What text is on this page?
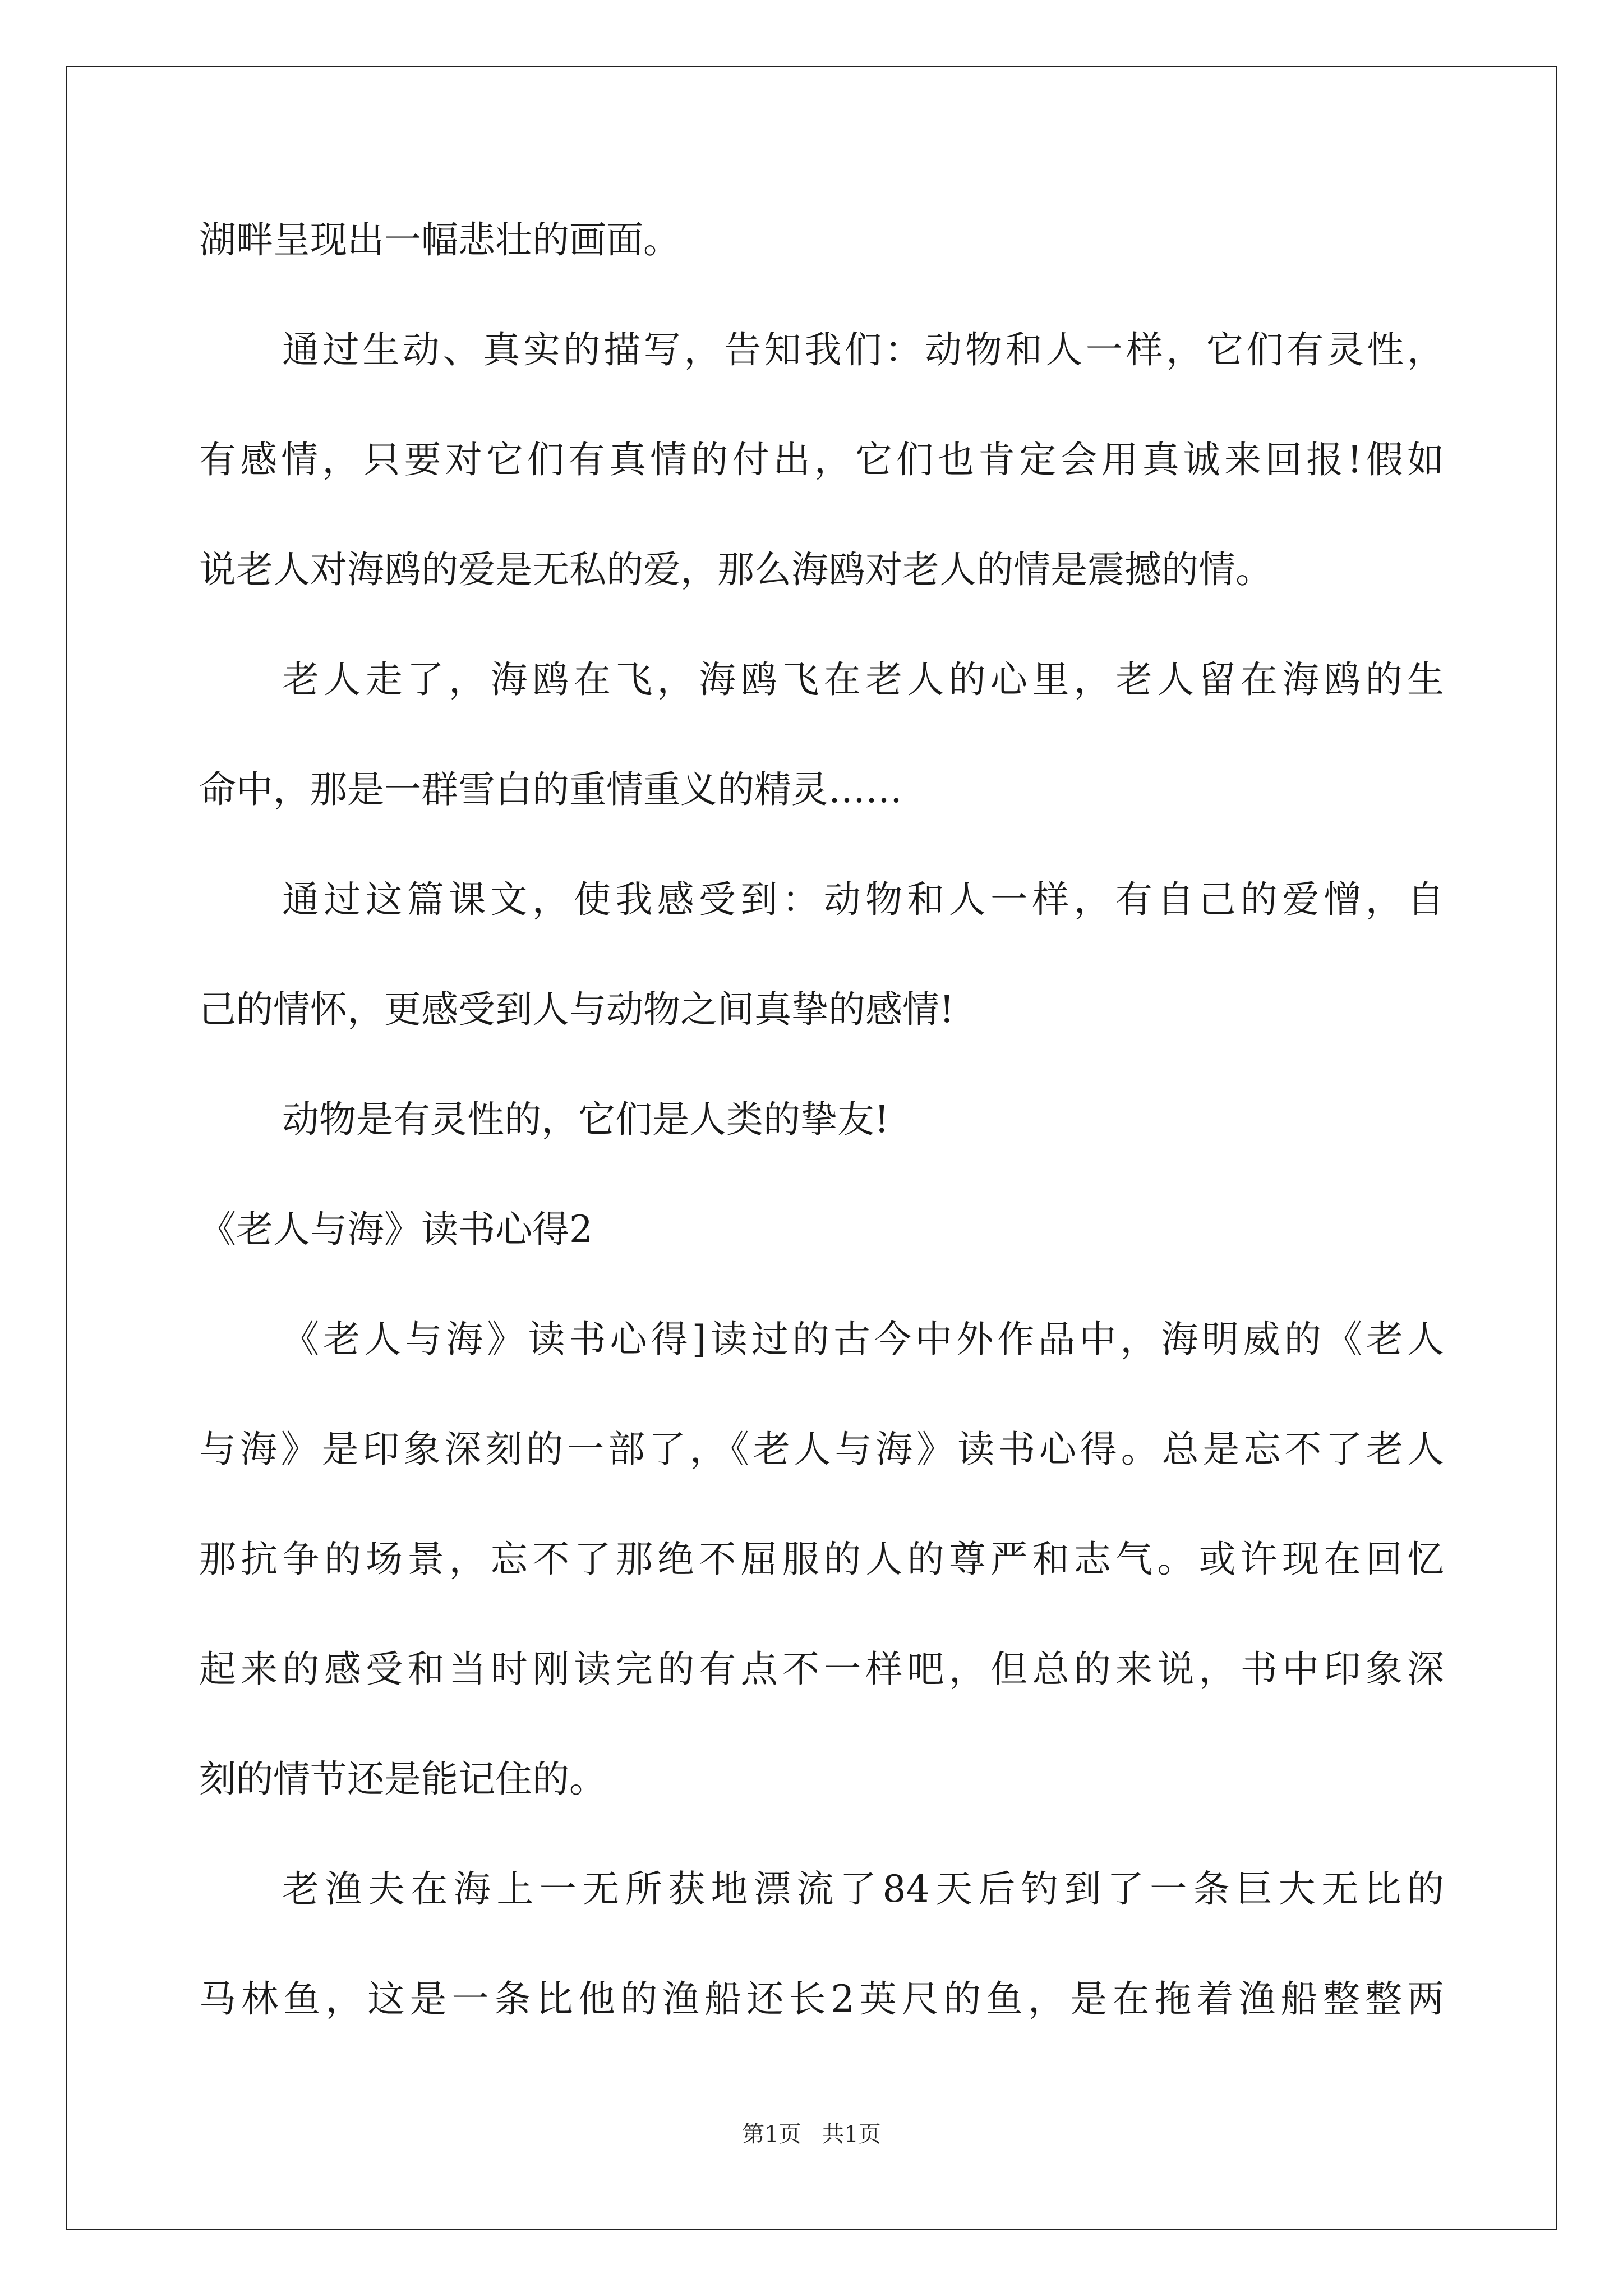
湖畔呈现出一幅悲壮的画面。
通过生动、真实的描写，告知我们：动物和人一样，它们有灵性，
有感情，只要对它们有真情的付出，它们也肯定会用真诚来回报!假如
说老人对海鸥的爱是无私的爱，那么海鸥对老人的情是震撼的情。
老人走了，海鸥在飞，海鸥飞在老人的心里，老人留在海鸥的生
命中，那是一群雪白的重情重义的精灵……
通过这篇课文，使我感受到：动物和人一样，有自己的爱憎，自
己的情怀，更感受到人与动物之间真挚的感情!
动物是有灵性的，它们是人类的挚友!
《老人与海》读书心得2
《老人与海》读书心得]读过的古今中外作品中，海明威的《老人
与海》是印象深刻的一部了，《老人与海》读书心得。总是忘不了老人
那抗争的场景，忘不了那绝不屈服的人的尊严和志气。或许现在回忆
起来的感受和当时刚读完的有点不一样吧，但总的来说，书中印象深
刻的情节还是能记住的。
老渔夫在海上一无所获地漂流了84天后钓到了一条巨大无比的
马林鱼，这是一条比他的渔船还长2英尺的鱼，是在拖着渔船整整两
第1页 共1页
